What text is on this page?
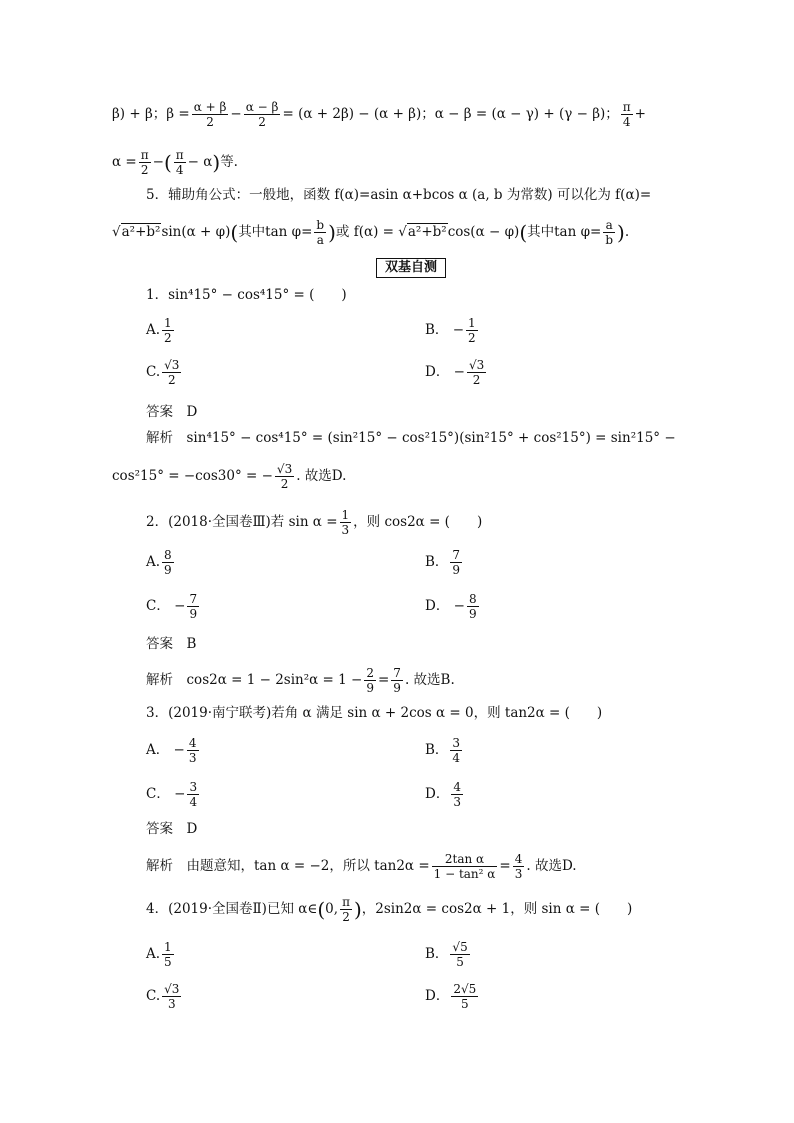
β) + β；$\beta = \frac{\alpha + \beta}{2} - \frac{\alpha - \beta}{2} = (\alpha + 2\beta) - (\alpha + \beta)$；α − β = (α − γ) + (γ − β)； $\frac{\pi}{4}$ +
$\alpha = \frac{\pi}{2}$ −( $\frac{\pi}{4} - \alpha$)等.
5．辅助角公式：一般地，函数 f(α)=asin α+bcos α (a, b 为常数) 可以化为 f(α)=
√a²+b²sin(α + φ)(其中$\tan \varphi= \frac{b}{a}$ )或 f(α) = √a²+b²cos(α − φ)(其中$\tan \varphi= \frac{a}{b}$ ).
双基自测
1．sin⁴15° − cos⁴15° = (　　)
A. $\frac{1}{2}$	B． − $\frac{1}{2}$
C. $\frac{√3}{2}$	D． − $\frac{√3}{2}$
答案　 D
解析　sin⁴15° − cos⁴15° = (sin²15° − cos²15°)(sin²15° + cos²15°) = sin²15° −
cos²15° = −cos30° = − $\frac{√3}{2}$ . 故选D.
2．(2018·全国卷Ⅲ)若 $\sin \alpha = \frac{1}{3}$ ，则 cos2α = (　　)
A. $\frac{8}{9}$	B． $\frac{7}{9}$
C． − $\frac{7}{9}$	D． − $\frac{8}{9}$
答案　 B
解析　$\cos 2\alpha = 1 - 2\sin^2\alpha = 1 - \frac{2}{9} = \frac{7}{9}$ . 故选B.
3．(2019·南宁联考)若角 α 满足 sin α + 2cos α = 0，则 tan2α = (　　)
A． − $\frac{4}{3}$	B． $\frac{3}{4}$
C． − $\frac{3}{4}$	D． $\frac{4}{3}$
答案　 D
解析　由题意知，tan α = −2，所以 $\tan 2\alpha = \frac{\text{2tan α}}{\text{1 − tan² α}} = \frac{4}{3}$ . 故选D.
4．(2019·全国卷Ⅱ)已知 α∈(0, $\frac{\pi}{2}$ )，2sin2α = cos2α + 1，则 sin α = (　　)
A. $\frac{1}{5}$	B． $\frac{√5}{5}$
C. $\frac{√3}{3}$	D． $\frac{2√5}{5}$
